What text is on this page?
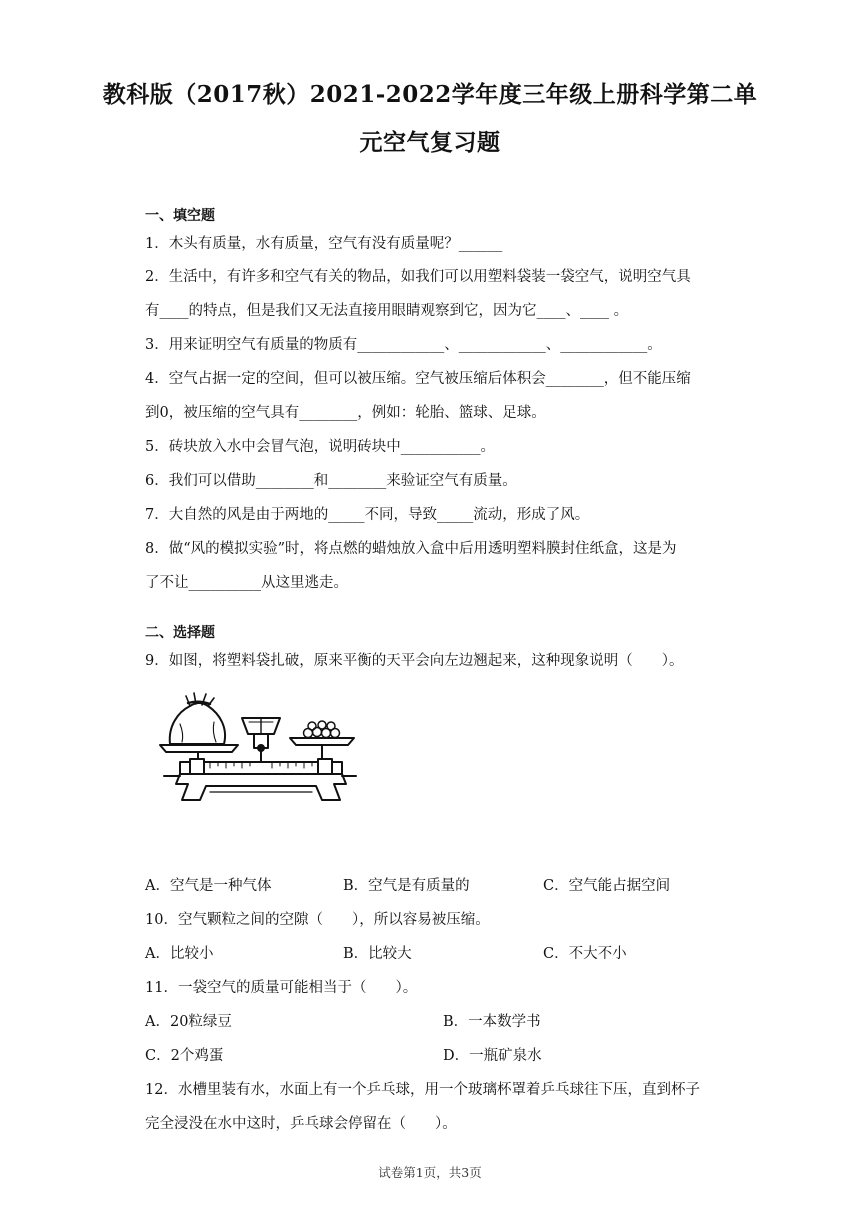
教科版（2017秋）2021-2022学年度三年级上册科学第二单
元空气复习题
一、填空题
1．木头有质量，水有质量，空气有没有质量呢？______
2．生活中，有许多和空气有关的物品，如我们可以用塑料袋装一袋空气，说明空气具
有____的特点，但是我们又无法直接用眼睛观察到它，因为它____、____ 。
3．用来证明空气有质量的物质有____________、____________、____________。
4．空气占据一定的空间，但可以被压缩。空气被压缩后体积会________，但不能压缩
到0，被压缩的空气具有________，例如：轮胎、篮球、足球。
5．砖块放入水中会冒气泡，说明砖块中___________。
6．我们可以借助________和________来验证空气有质量。
7．大自然的风是由于两地的_____不同，导致_____流动，形成了风。
8．做“风的模拟实验”时，将点燃的蜡烛放入盒中后用透明塑料膜封住纸盒，这是为
了不让__________从这里逃走。
二、选择题
9．如图，将塑料袋扎破，原来平衡的天平会向左边翘起来，这种现象说明（　　）。
A．空气是一种气体	B．空气是有质量的	C．空气能占据空间
10．空气颗粒之间的空隙（　　），所以容易被压缩。
A．比较小	B．比较大	C．不大不小
11．一袋空气的质量可能相当于（　　）。
A．20粒绿豆	B．一本数学书
C．2个鸡蛋	D．一瓶矿泉水
12．水槽里装有水，水面上有一个乒乓球，用一个玻璃杯罩着乒乓球往下压，直到杯子
完全浸没在水中这时，乒乓球会停留在（　　）。
试卷第1页，共3页
